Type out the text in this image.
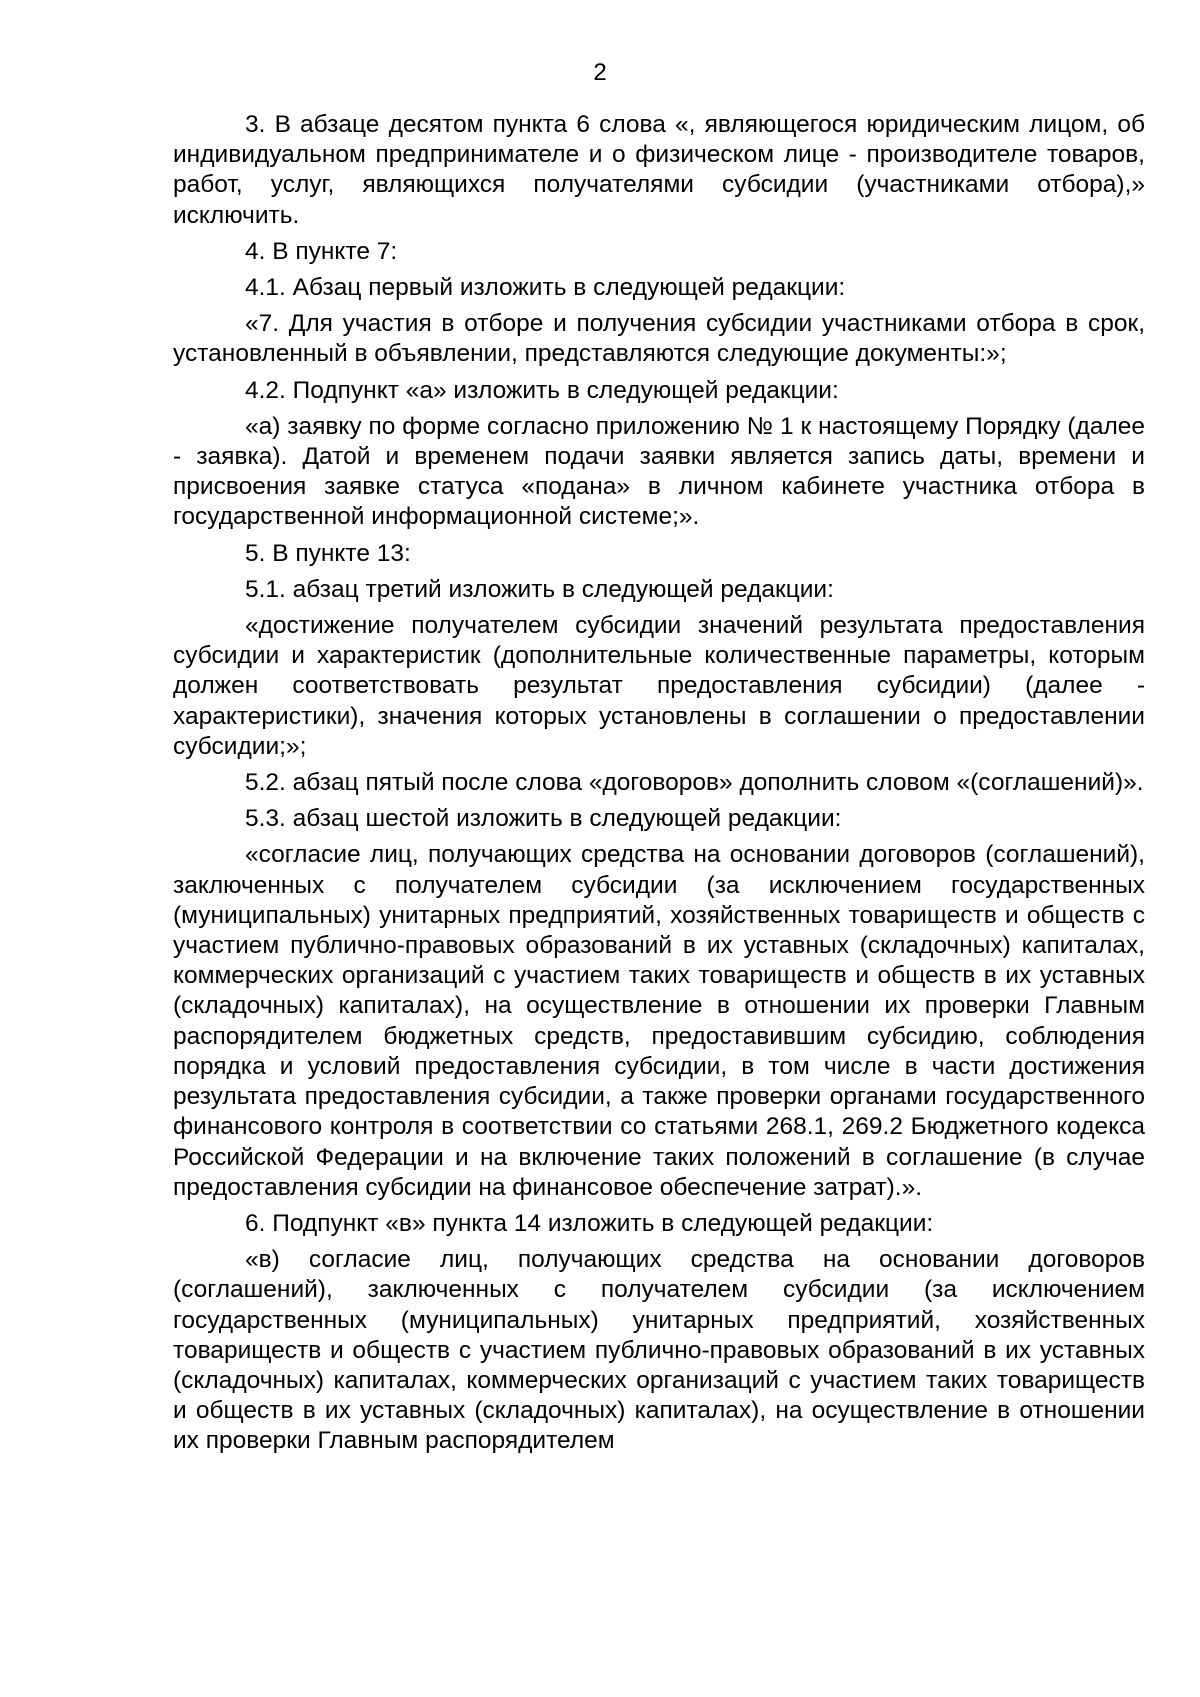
2

3. В абзаце десятом пункта 6 слова «, являющегося юридическим лицом, об индивидуальном предпринимателе и о физическом лице - производителе товаров, работ, услуг, являющихся получателями субсидии (участниками отбора),» исключить.

4. В пункте 7:

4.1. Абзац первый изложить в следующей редакции:

«7. Для участия в отборе и получения субсидии участниками отбора в срок, установленный в объявлении, представляются следующие документы:»;

4.2. Подпункт «а» изложить в следующей редакции:

«а) заявку по форме согласно приложению № 1 к настоящему Порядку (далее - заявка). Датой и временем подачи заявки является запись даты, времени и присвоения заявке статуса «подана» в личном кабинете участника отбора в государственной информационной системе;».

5. В пункте 13:

5.1. абзац третий изложить в следующей редакции:

«достижение получателем субсидии значений результата предоставления субсидии и характеристик (дополнительные количественные параметры, которым должен соответствовать результат предоставления субсидии) (далее - характеристики), значения которых установлены в соглашении о предоставлении субсидии;»;

5.2. абзац пятый после слова «договоров» дополнить словом «(соглашений)».

5.3. абзац шестой изложить в следующей редакции:

«согласие лиц, получающих средства на основании договоров (соглашений), заключенных с получателем субсидии (за исключением государственных (муниципальных) унитарных предприятий, хозяйственных товариществ и обществ с участием публично-правовых образований в их уставных (складочных) капиталах, коммерческих организаций с участием таких товариществ и обществ в их уставных (складочных) капиталах), на осуществление в отношении их проверки Главным распорядителем бюджетных средств, предоставившим субсидию, соблюдения порядка и условий предоставления субсидии, в том числе в части достижения результата предоставления субсидии, а также проверки органами государственного финансового контроля в соответствии со статьями 268.1, 269.2 Бюджетного кодекса Российской Федерации и на включение таких положений в соглашение (в случае предоставления субсидии на финансовое обеспечение затрат).».

6. Подпункт «в» пункта 14 изложить в следующей редакции:

«в) согласие лиц, получающих средства на основании договоров (соглашений), заключенных с получателем субсидии (за исключением государственных (муниципальных) унитарных предприятий, хозяйственных товариществ и обществ с участием публично-правовых образований в их уставных (складочных) капиталах, коммерческих организаций с участием таких товариществ и обществ в их уставных (складочных) капиталах), на осуществление в отношении их проверки Главным распорядителем
